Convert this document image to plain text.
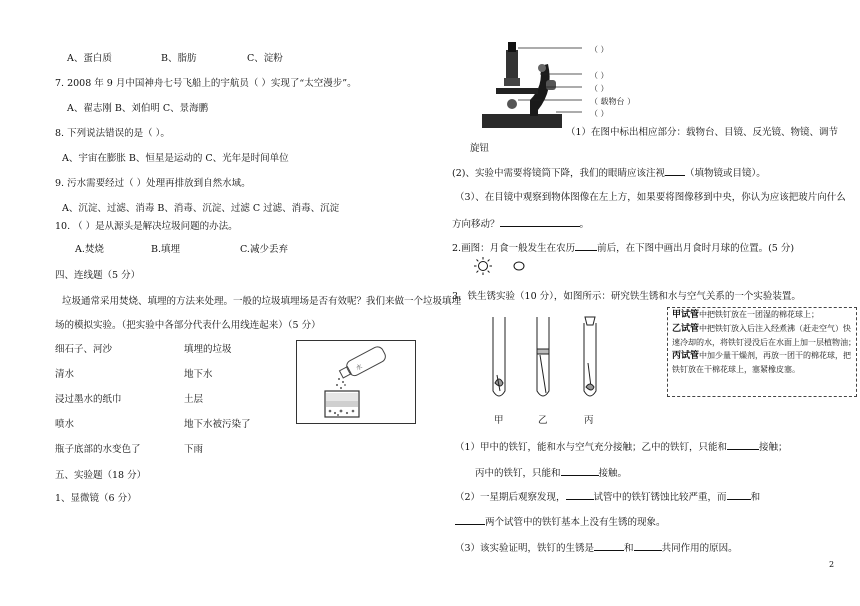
A、蛋白质	B、脂肪	C、淀粉
7. 2008 年 9 月中国神舟七号飞船上的宇航员（ ）实现了“太空漫步”。
A、翟志刚 B、刘伯明 C、景海鹏
8. 下列说法错误的是（ ）。
A、宇宙在膨胀 B、恒星是运动的 C、光年是时间单位
9. 污水需要经过（ ）处理再排放到自然水域。
A、沉淀、过滤、消毒 B、消毒、沉淀、过滤 C 过滤、消毒、沉淀
10. （ ）是从源头是解决垃圾问题的办法。
A.焚烧	B.填埋	C.减少丢弃
四、连线题（5 分）
垃圾通常采用焚烧、填埋的方法来处理。一般的垃圾填埋场是否有效呢？我们来做一个垃圾填埋
场的模拟实验。（把实验中各部分代表什么用线连起来）（5 分）
细石子、河沙
清水
浸过墨水的纸巾
喷水
瓶子底部的水变色了
填埋的垃圾
地下水
土层
地下水被污染了
下雨
水
五、实验题（18 分）
1、显微镜（6 分）
（ ）
（ ）
（ ）
（ 载物台 ）
（ ）
（1）在图中标出相应部分：载物台、目镜、反光镜、物镜、调节
旋钮
(2)、实验中需要将镜筒下降，我们的眼睛应该注视 （填物镜或目镜）。
（3）、在目镜中观察到物体图像在左上方，如果要将图像移到中央，你认为应该把玻片向什么
方向移动？	。
2.画图：月食一般发生在农历 前后，在下图中画出月食时月球的位置。(5 分)
3、铁生锈实验（10 分），如图所示：研究铁生锈和水与空气关系的一个实验装置。
甲	乙	丙

甲试管中把铁钉放在一团湿的棉花球上；

乙试管中把铁钉放入后注入经煮沸（赶走空气）快

速冷却的水，将铁钉浸没后在水面上加一层植物油；

丙试管中加少量干燥剂，再放一团干的棉花球，把

铁钉放在干棉花球上，塞紧橡皮塞。

（1）甲中的铁钉，能和水与空气充分接触；乙中的铁钉，只能和	接触；
丙中的铁钉，只能和	接触。
（2）一星期后观察发现，	试管中的铁钉锈蚀比较严重，而	和
两个试管中的铁钉基本上没有生锈的现象。
（3）该实验证明，铁钉的生锈是	和	共同作用的原因。
2
